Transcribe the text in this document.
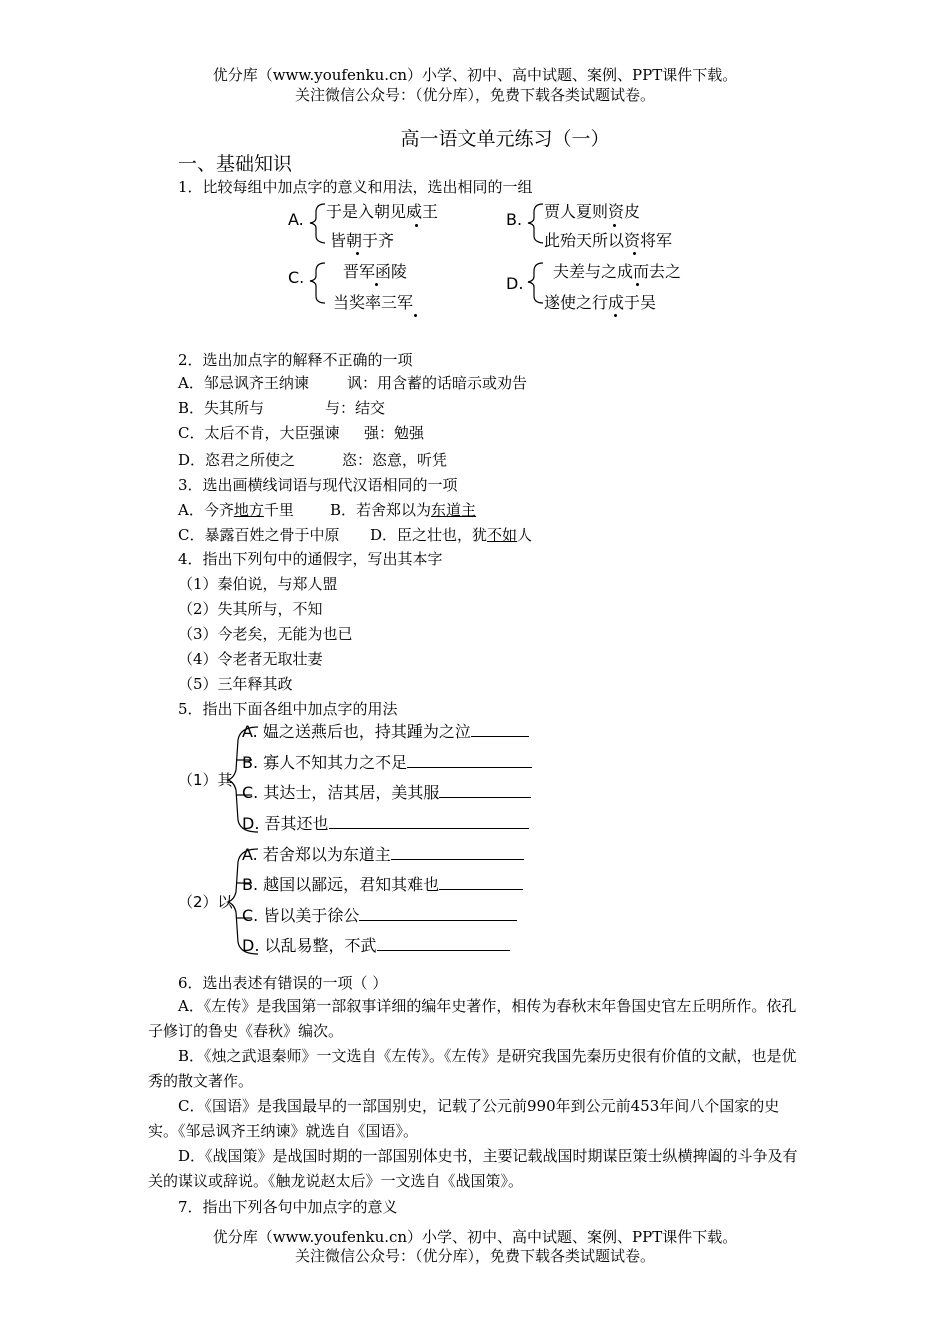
优分库（www.youfenku.cn）小学、初中、高中试题、案例、PPT课件下载。
关注微信公众号：（优分库），免费下载各类试题试卷。
高一语文单元练习（一）
一、基础知识
1．比较每组中加点字的意义和用法，选出相同的一组
A. 于是入朝见威王
皆朝于齐
B. 贾人夏则资皮
此殆天所以资将军
C. 晋军函陵
当奖率三军
D.
夫差与之成而去之
遂使之行成于吴
2．选出加点字的解释不正确的一项
A．邹忌讽齐王纳谏	讽：用含蓄的话暗示或劝告
B．失其所与	与：结交
C．太后不肯，大臣强谏 强：勉强
D．恣君之所使之	恣：恣意，听凭
3．选出画横线词语与现代汉语相同的一项
A．今齐地方千里 B．若舍郑以为东道主
C．暴露百姓之骨于中原 D．臣之壮也，犹不如人
4．指出下列句中的通假字，写出其本字
（1）秦伯说，与郑人盟
（2）失其所与，不知
（3）今老矣，无能为也已
（4）令老者无取壮妻
（5）三年释其政
5．指出下面各组中加点字的用法
（1）其
A. 媪之送燕后也，持其踵为之泣
B. 寡人不知其力之不足
C. 其达士，洁其居，美其服
D. 吾其还也
（2）以
A. 若舍郑以为东道主
B. 越国以鄙远，君知其难也
C. 皆以美于徐公
D. 以乱易整，不武
6．选出表述有错误的一项（ ）
A．《左传》是我国第一部叙事详细的编年史著作，相传为春秋末年鲁国史官左丘明所作。依孔子修订的鲁史《春秋》编次。
B．《烛之武退秦师》一文选自《左传》。《左传》是研究我国先秦历史很有价值的文献，也是优秀的散文著作。
C．《国语》是我国最早的一部国别史，记载了公元前990年到公元前453年间八个国家的史实。《邹忌讽齐王纳谏》就选自《国语》。
D．《战国策》是战国时期的一部国别体史书，主要记载战国时期谋臣策士纵横捭阖的斗争及有关的谋议或辞说。《触龙说赵太后》一文选自《战国策》。
7．指出下列各句中加点字的意义
优分库（www.youfenku.cn）小学、初中、高中试题、案例、PPT课件下载。
关注微信公众号：（优分库），免费下载各类试题试卷。
